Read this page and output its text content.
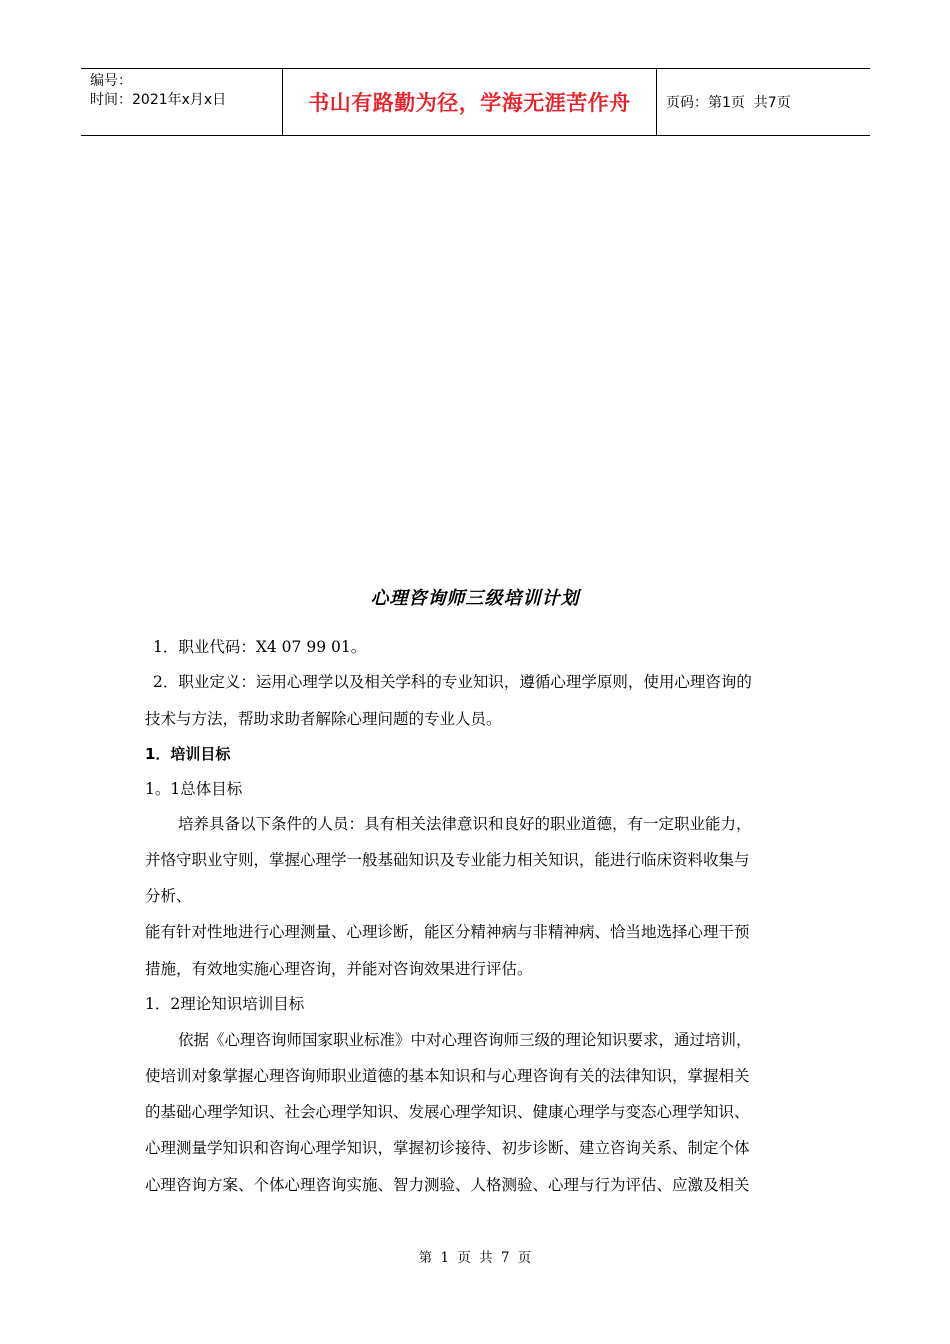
编号：
时间：2021年x月x日	书山有路勤为径，学海无涯苦作舟	页码：第1页  共7页
心理咨询师三级培训计划
1．职业代码：X4 07 99 01。
2．职业定义：运用心理学以及相关学科的专业知识，遵循心理学原则，使用心理咨询的
技术与方法，帮助求助者解除心理问题的专业人员。
1．培训目标
1。1总体目标
培养具备以下条件的人员：具有相关法律意识和良好的职业道德，有一定职业能力，
并恪守职业守则，掌握心理学一般基础知识及专业能力相关知识，能进行临床资料收集与
分析、
能有针对性地进行心理测量、心理诊断，能区分精神病与非精神病、恰当地选择心理干预
措施，有效地实施心理咨询，并能对咨询效果进行评估。
1．2理论知识培训目标
依据《心理咨询师国家职业标准》中对心理咨询师三级的理论知识要求，通过培训，
使培训对象掌握心理咨询师职业道德的基本知识和与心理咨询有关的法律知识，掌握相关
的基础心理学知识、社会心理学知识、发展心理学知识、健康心理学与变态心理学知识、
心理测量学知识和咨询心理学知识，掌握初诊接待、初步诊断、建立咨询关系、制定个体
心理咨询方案、个体心理咨询实施、智力测验、人格测验、心理与行为评估、应激及相关
第 1 页 共 7 页
